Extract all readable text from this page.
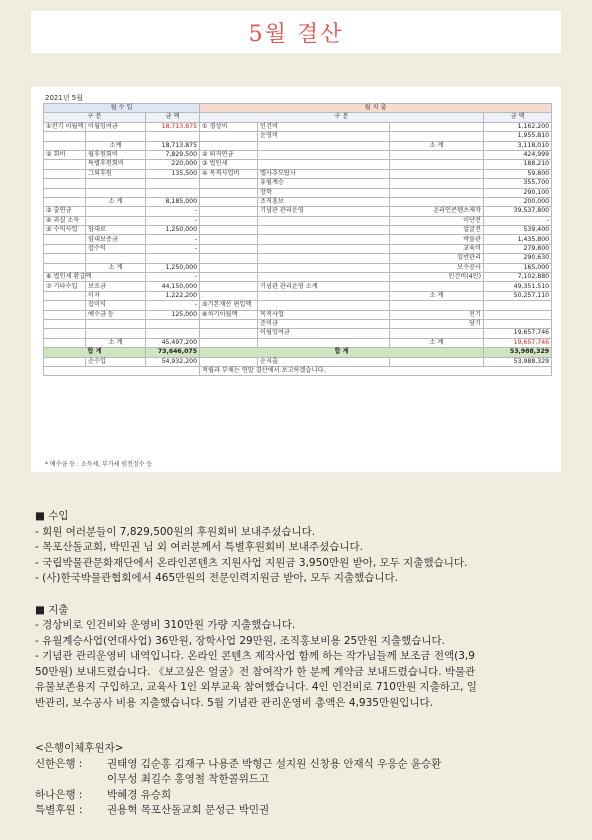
5월 결산
2021년 5월
월 수 입			월 지 출			
구 분		금 액	구 분			금 액
①전기 이월액	이월잉여금	18,713,875	① 경상비	인건비		1,162,200
				운영비		1,955,810
	소계	18,713,875			소 계	3,118,010
② 회비	월후원회비	7,829,500	② 퇴직연금			424,999
	특별후원회비	220,000	③ 법인세			188,210
	그외후원	135,500	④ 목적사업비	옐사추모탑사		59,800
				유월계승		355,700
				장학		290,100
	소 계	8,185,000		조직홍보		200,000
③ 출연금		-		기념관 관리운영	온라인콘텐츠제작	39,537,800
④ 과실 소득		-			이단전	-
⑤ 수익사업	임대료	1,250,000			얼굴전	539,400
	임대보증금	-			박물관	1,435,800
	잡수익	-			교육비	279,800
					일반관리	290,630
	소 계	1,250,000			보수공사	165,000
⑥ 법인세 환급액		-			인건비(4인)	7,102,880
⑦ 기타수입	보조금	44,150,000		기념관 관리운영 소계		49,351,510
	이자	1,222,200			소 계	50,257,110
	잡이익	-	⑤기본재산 편입액			
	예수금 등	125,000	⑥차기이월액	목적사업	전기	
				준비금	당기	
				이월잉여금		19,657,746
	소 계	45,497,200			소 계	19,657,746
합 계		73,646,075	합 계			53,988,329
	순수입	54,932,200		순지출		53,988,329
			적립과 부채는 연말 결산에서 보고하겠습니다.			
* 예수금 등 : 소득세, 부가세 원천징수 등

■ 수입

- 회원 여러분들이 7,829,500원의 후원회비 보내주셨습니다.

- 목포산돌교회, 박민권 님 외 여러분께서 특별후원회비 보내주셨습니다.

- 국립박물관문화재단에서 온라인콘텐츠 지원사업 지원금 3,950만원 받아, 모두 지출했습니다.

- (사)한국박물관협회에서 465만원의 전문인력지원금 받아, 모두 지출했습니다.

■ 지출

- 경상비로 인건비와 운영비 310만원 가량 지출했습니다.

- 유월계승사업(연대사업) 36만원, 장학사업 29만원, 조직홍보비용 25만원 지출했습니다.

- 기념관 관리운영비 내역입니다. 온라인 콘텐츠 제작사업 함께 하는 작가님들께 보조금 전액(3,9

50만원) 보내드렸습니다. 《보고싶은 얼굴》전 참여작가 한 분께 계약금 보내드렸습니다. 박물관

유물보존용지 구입하고, 교육사 1인 외부교육 참여했습니다. 4인 인건비로 710만원 지출하고, 일

반관리, 보수공사 비용 지출했습니다. 5월 기념관 관리운영비 총액은 4,935만원입니다.

<은행이체후원자>

신한은행 :	권태영 김순홍 김재구 나용준 박형근 설지원 신창용 안재식 우응순 윤승환

이무성 최길수 홍영철 착한콜위드고

하나은행 :	박혜경 유승희
특별후원 :	권용혁 목포산돌교회 문성근 박민권
